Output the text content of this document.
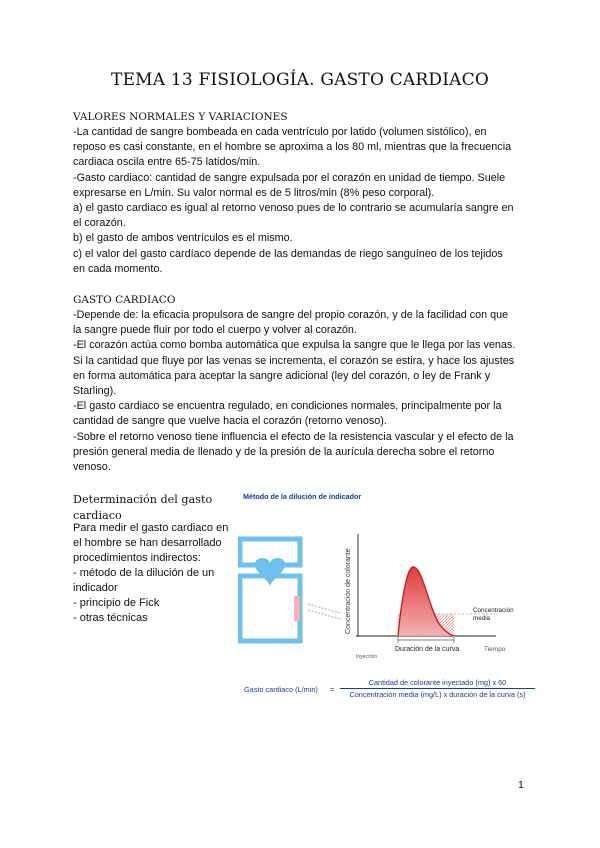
TEMA 13 FISIOLOGÍA. GASTO CARDIACO
VALORES NORMALES Y VARIACIONES
-La cantidad de sangre bombeada en cada ventrículo por latido (volumen sistólico), en
reposo es casi constante, en el hombre se aproxima a los 80 ml, mientras que la frecuencia
cardiaca oscila entre 65-75 latidos/min.
-Gasto cardiaco: cantidad de sangre expulsada por el corazón en unidad de tiempo. Suele
expresarse en L/min. Su valor normal es de 5 litros/min (8% peso corporal).
a) el gasto cardiaco es igual al retorno venoso pues de lo contrario se acumularía sangre en
el corazón.
b) el gasto de ambos ventrículos es el mismo.
c) el valor del gasto cardíaco depende de las demandas de riego sanguíneo de los tejidos
en cada momento.
GASTO CARDIACO
-Depende de: la eficacia propulsora de sangre del propio corazón, y de la facilidad con que
la sangre puede fluir por todo el cuerpo y volver al corazón.
-El corazón actúa como bomba automática que expulsa la sangre que le llega por las venas.
Si la cantidad que fluye por las venas se incrementa, el corazón se estira, y hace los ajustes
en forma automática para aceptar la sangre adicional (ley del corazón, o ley de Frank y
Starling).
-El gasto cardiaco se encuentra regulado, en condiciones normales, principalmente por la
cantidad de sangre que vuelve hacia el corazón (retorno venoso).
-Sobre el retorno venoso tiene influencia el efecto de la resistencia vascular y el efecto de la
presión general media de llenado y de la presión de la aurícula derecha sobre el retorno
venoso.
Determinación del gasto
cardiaco
Para medir el gasto cardiaco en
el hombre se han desarrollado
procedimientos indirectos:
- método de la dilución de un
indicador
- principio de Fick
- otras técnicas
Método de la dilución de indicador
Concentración de colorante
Duración de la curva	Tiempo
Inyección
Concentración
media
Gasto cardiaco (L/min) =
Cantidad de colorante inyectado (mg) x 60
Concentración media (mg/L) x duración de la curva (s)
1
